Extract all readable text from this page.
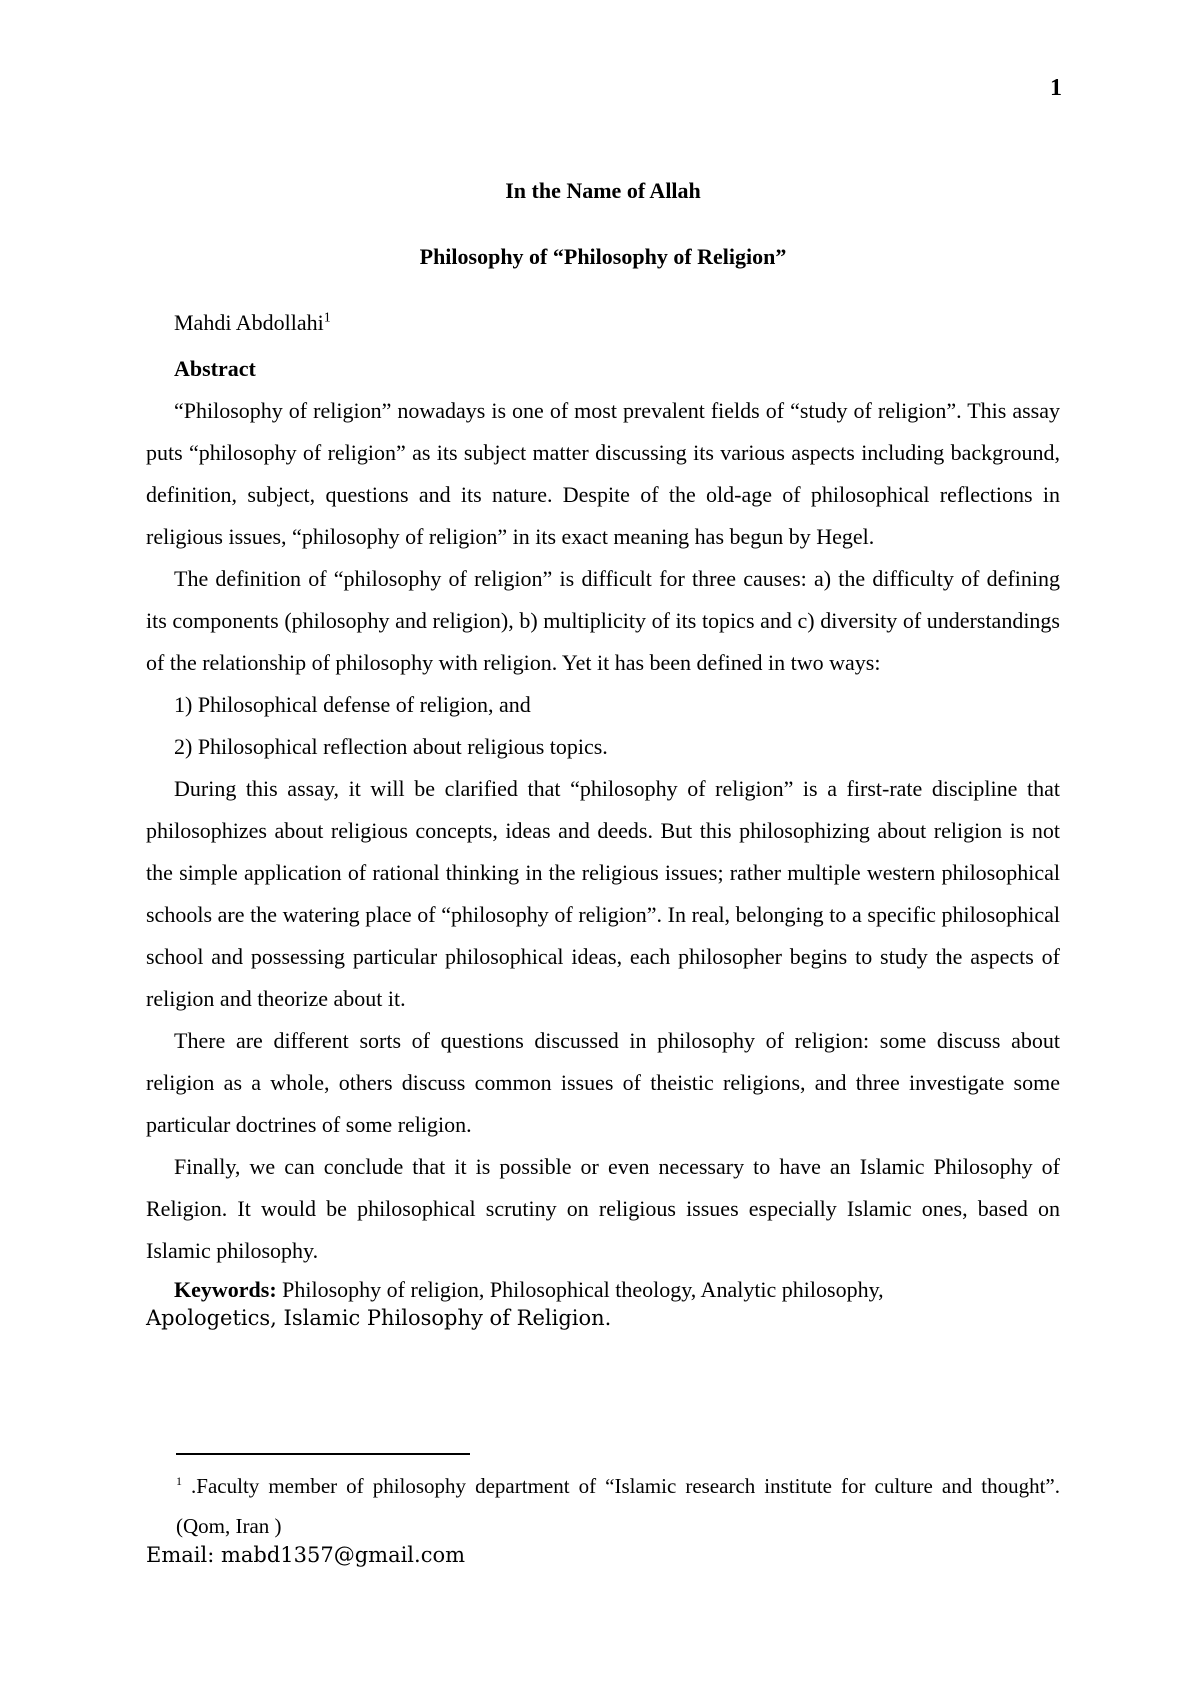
1

In the Name of Allah

Philosophy of “Philosophy of Religion”

Mahdi Abdollahi$^1$

Abstract

“Philosophy of religion” nowadays is one of most prevalent fields of “study of religion”. This assay puts “philosophy of religion” as its subject matter discussing its various aspects including background, definition, subject, questions and its nature. Despite of the old-age of philosophical reflections in religious issues, “philosophy of religion” in its exact meaning has begun by Hegel.

The definition of “philosophy of religion” is difficult for three causes: a) the difficulty of defining its components (philosophy and religion), b) multiplicity of its topics and c) diversity of understandings of the relationship of philosophy with religion. Yet it has been defined in two ways:

1) Philosophical defense of religion, and

2) Philosophical reflection about religious topics.

During this assay, it will be clarified that “philosophy of religion” is a first-rate discipline that philosophizes about religious concepts, ideas and deeds. But this philosophizing about religion is not the simple application of rational thinking in the religious issues; rather multiple western philosophical schools are the watering place of “philosophy of religion”. In real, belonging to a specific philosophical school and possessing particular philosophical ideas, each philosopher begins to study the aspects of religion and theorize about it.

There are different sorts of questions discussed in philosophy of religion: some discuss about religion as a whole, others discuss common issues of theistic religions, and three investigate some particular doctrines of some religion.

Finally, we can conclude that it is possible or even necessary to have an Islamic Philosophy of Religion. It would be philosophical scrutiny on religious issues especially Islamic ones, based on Islamic philosophy.

Keywords: Philosophy of religion, Philosophical theology, Analytic philosophy,
Apologetics, Islamic Philosophy of Religion.

$^1$ .Faculty member of philosophy department of “Islamic research institute for culture and thought”. (Qom, Iran )
Email: mabd1357@gmail.com
